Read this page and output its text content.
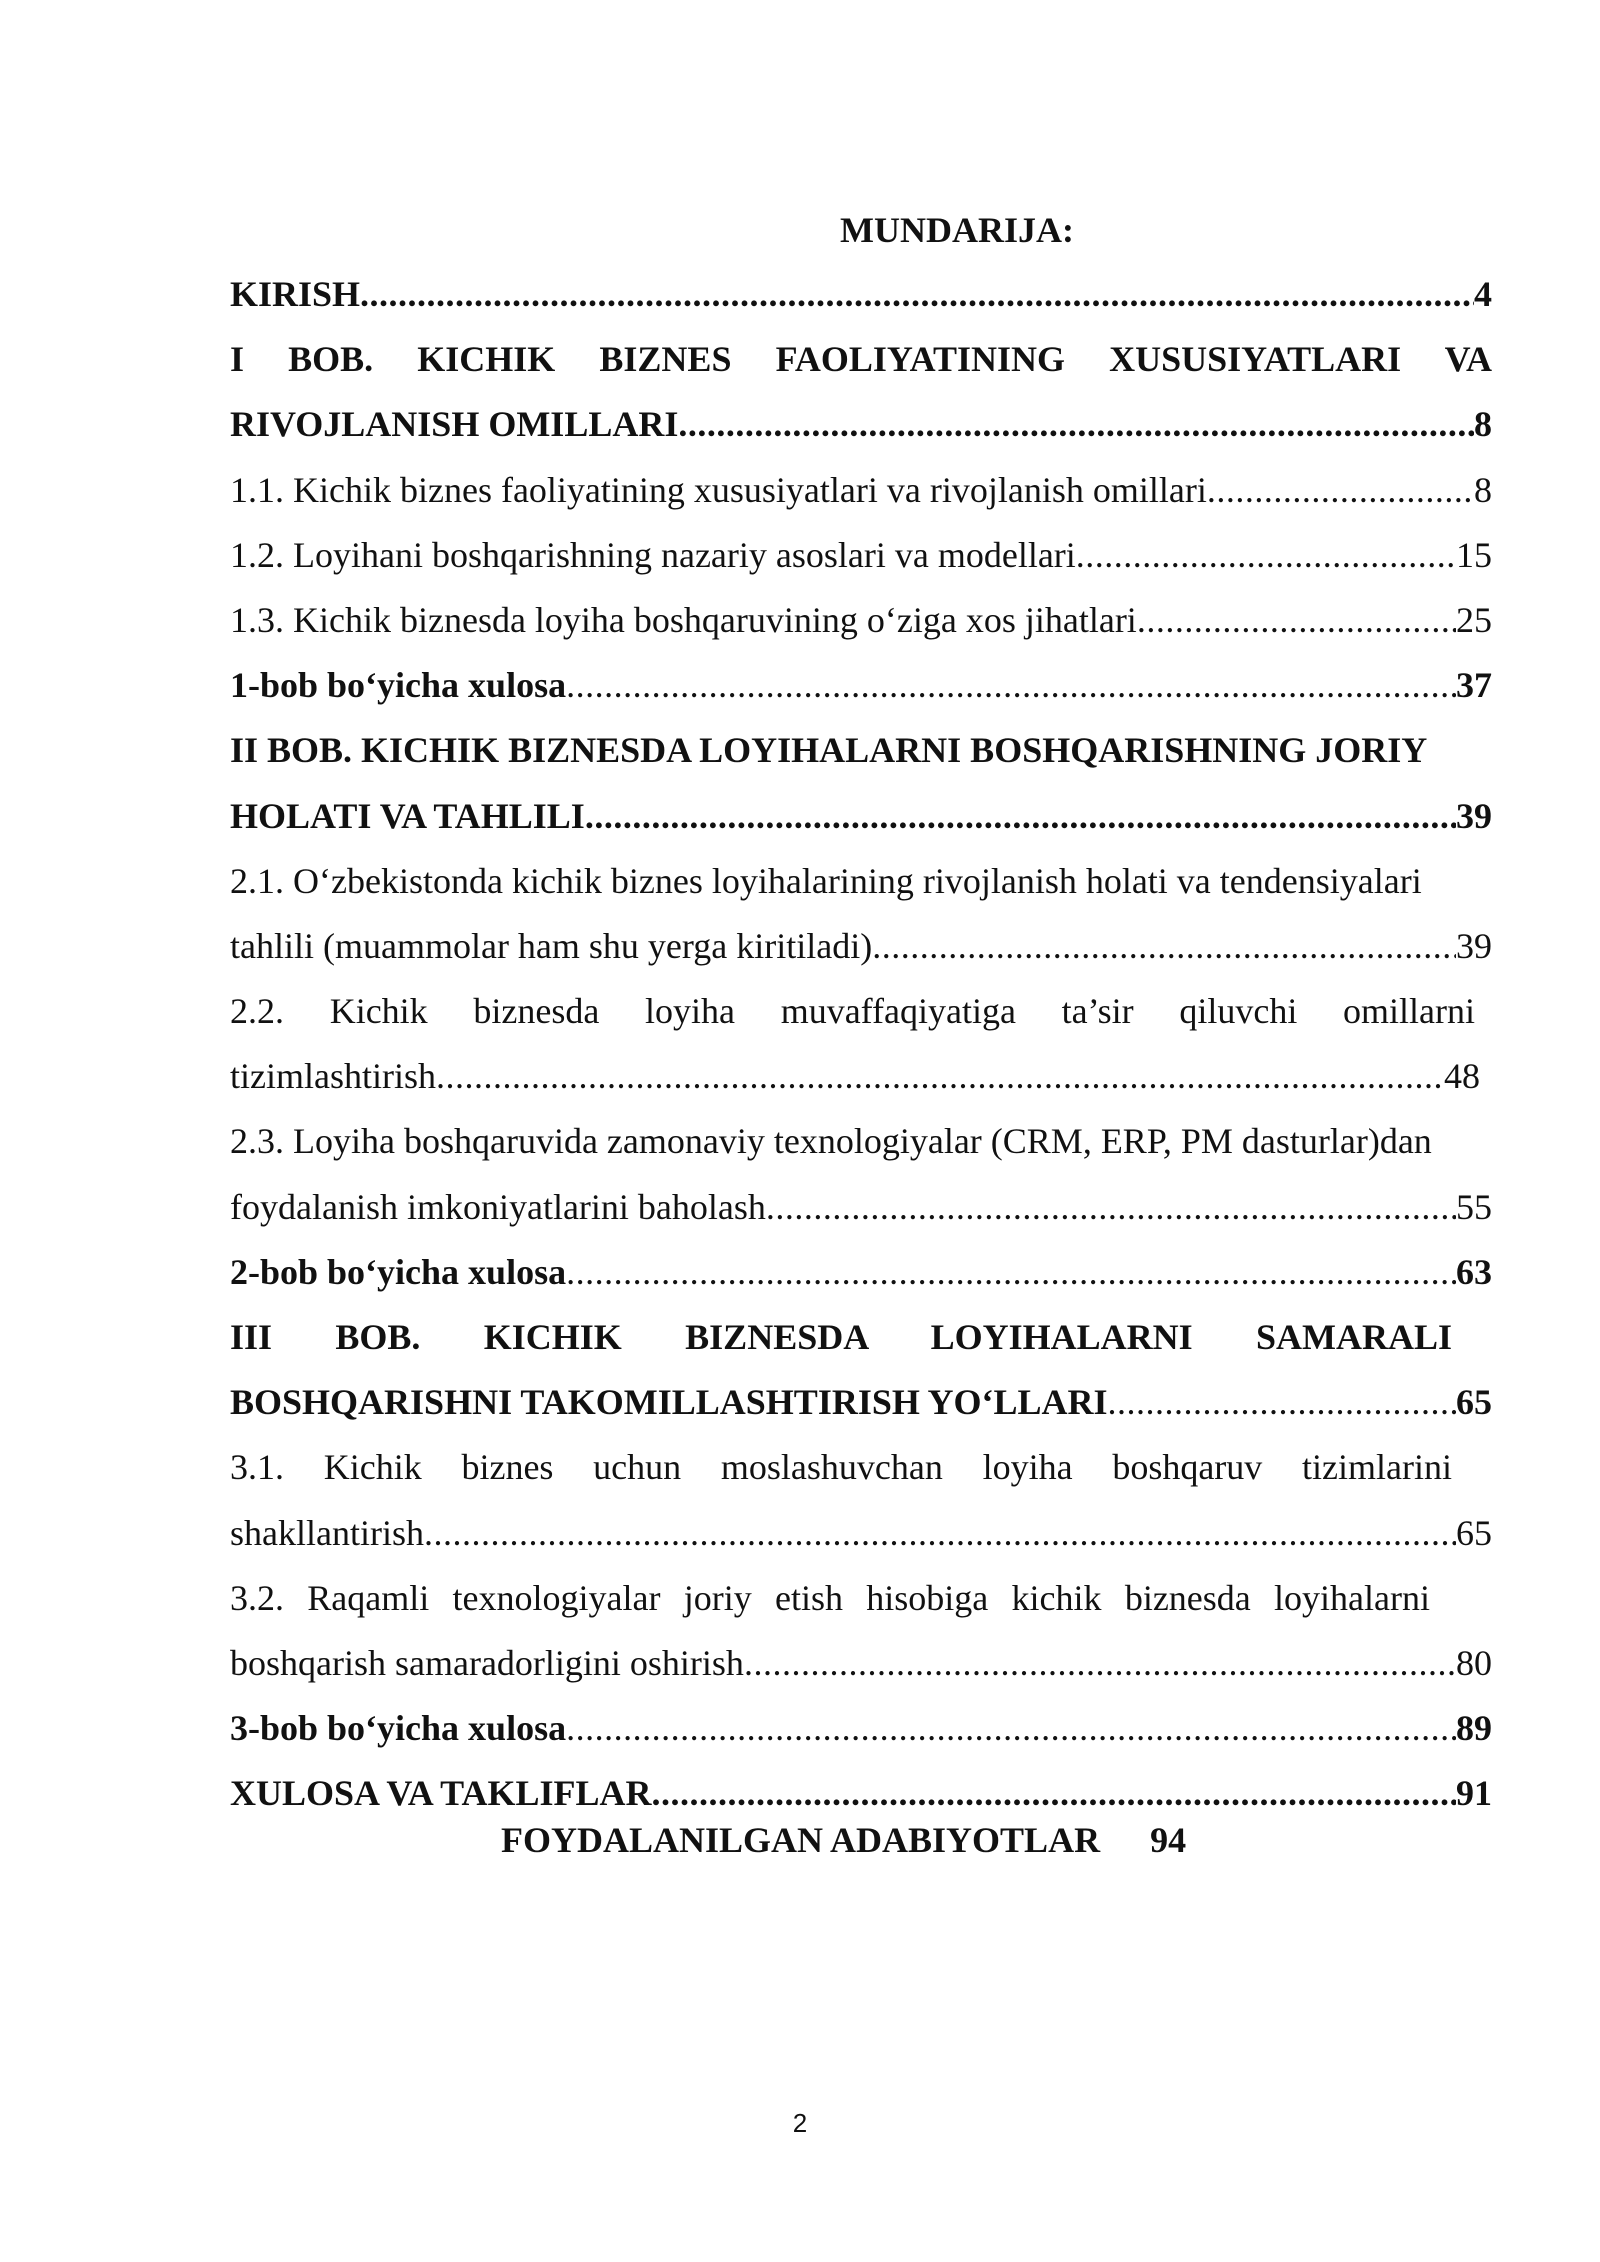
MUNDARIJA:
KIRISH .....	4
I BOB. KICHIK BIZNES FAOLIYATINING XUSUSIYATLARI VA
RIVOJLANISH OMILLARI .....	8
1.1. Kichik biznes faoliyatining xususiyatlari va rivojlanish omillari .....	8
1.2. Loyihani boshqarishning nazariy asoslari va modellari .....	15
1.3. Kichik biznesda loyiha boshqaruvining o‘ziga xos jihatlari .....	25
1-bob bo‘yicha xulosa .....	37
II BOB. KICHIK BIZNESDA LOYIHALARNI BOSHQARISHNING JORIY
HOLATI VA TAHLILI .....	39
2.1. O‘zbekistonda kichik biznes loyihalarining rivojlanish holati va tendensiyalari
tahlili (muammolar ham shu yerga kiritiladi) .....	39
2.2. Kichik biznesda loyiha muvaffaqiyatiga ta’sir qiluvchi omillarni
tizimlashtirish .....	48
2.3. Loyiha boshqaruvida zamonaviy texnologiyalar (CRM, ERP, PM dasturlar)dan
foydalanish imkoniyatlarini baholash .....	55
2-bob bo‘yicha xulosa .....	63
III BOB. KICHIK BIZNESDA LOYIHALARNI SAMARALI
BOSHQARISHNI TAKOMILLASHTIRISH YO‘LLARI .....	65
3.1. Kichik biznes uchun moslashuvchan loyiha boshqaruv tizimlarini
shakllantirish .....	65
3.2. Raqamli texnologiyalar joriy etish hisobiga kichik biznesda loyihalarni
boshqarish samaradorligini oshirish .....	80
3-bob bo‘yicha xulosa .....	89
XULOSA VA TAKLIFLAR .....	91
FOYDALANILGAN ADABIYOTLAR 94
2
